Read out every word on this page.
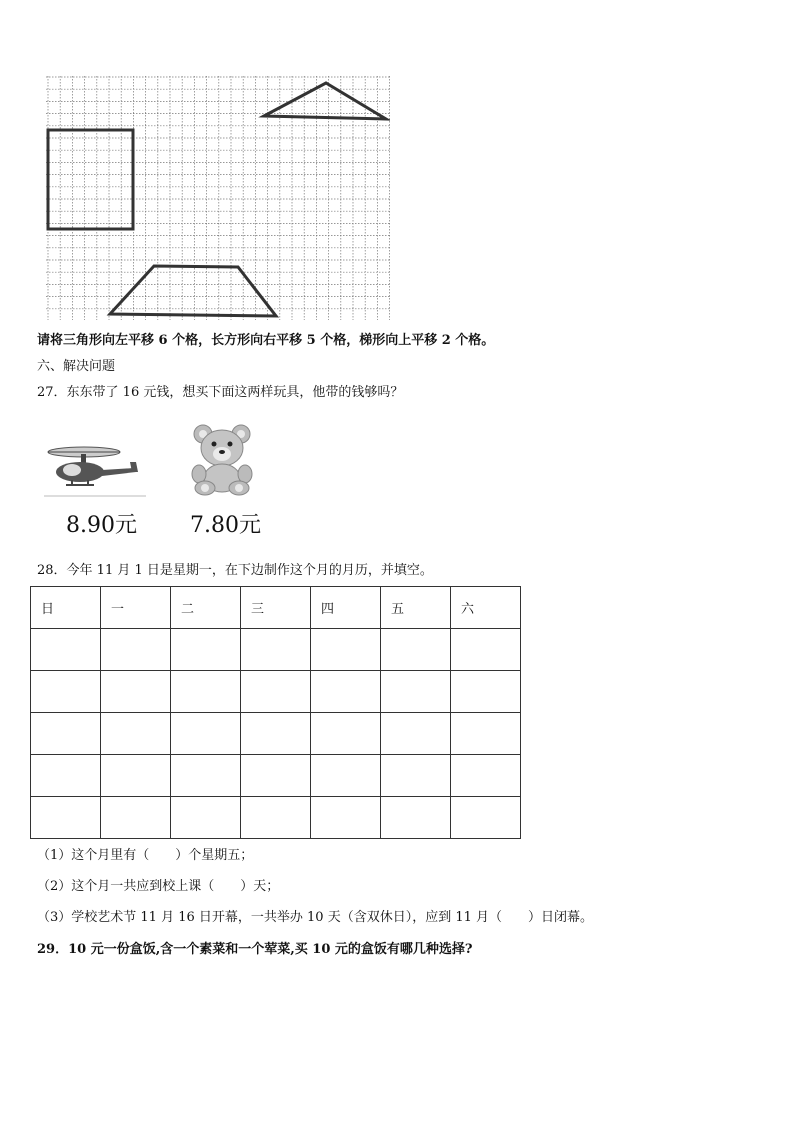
请将三角形向左平移 6 个格，长方形向右平移 5 个格，梯形向上平移 2 个格。
六、解决问题
27．东东带了 16 元钱，想买下面这两样玩具，他带的钱够吗？
8.90元 7.80元
28．今年 11 月 1 日是星期一，在下边制作这个月的月历，并填空。
日	一	二	三	四	五	六

（1）这个月里有（　　）个星期五；
（2）这个月一共应到校上课（　　）天；
（3）学校艺术节 11 月 16 日开幕，一共举办 10 天（含双休日），应到 11 月（　　）日闭幕。
29．10 元一份盒饭,含一个素菜和一个荤菜,买 10 元的盒饭有哪几种选择?
